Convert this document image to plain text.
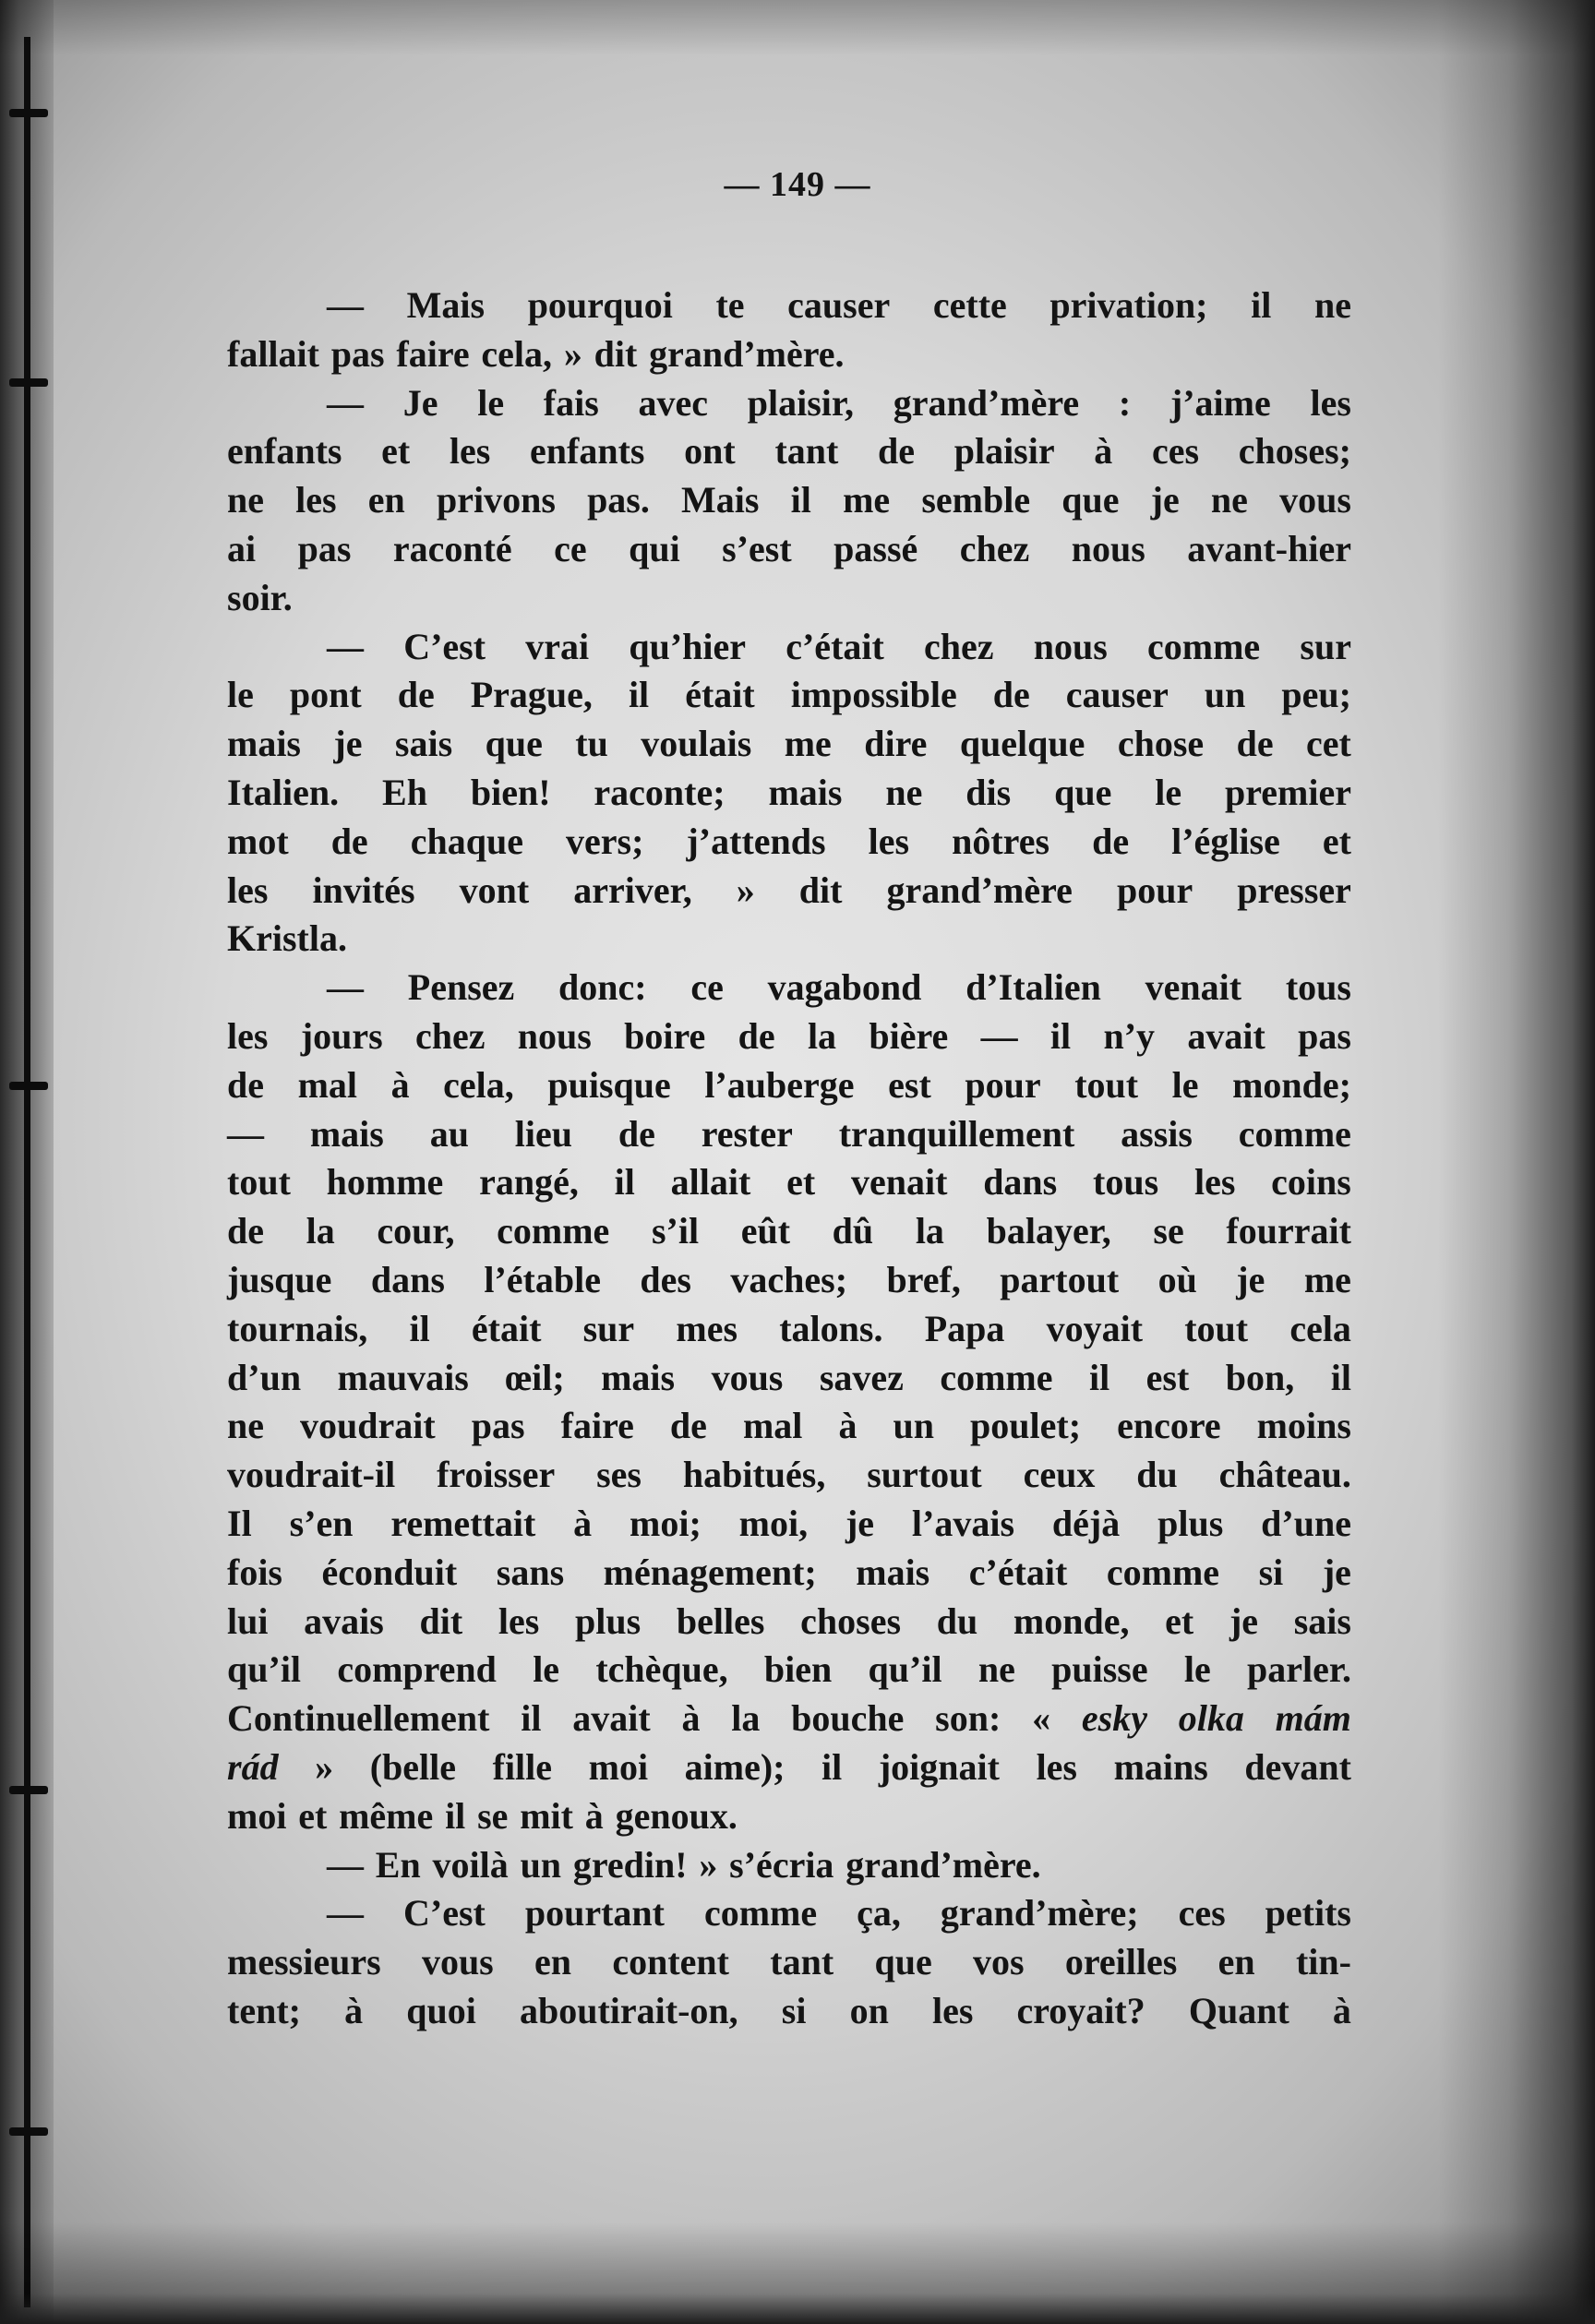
— 149 —
— Mais pourquoi te causer cette privation; il ne
fallait pas faire cela, » dit grand’mère.
— Je le fais avec plaisir, grand’mère : j’aime les
enfants et les enfants ont tant de plaisir à ces choses;
ne les en privons pas. Mais il me semble que je ne vous
ai pas raconté ce qui s’est passé chez nous avant-hier
soir.
— C’est vrai qu’hier c’était chez nous comme sur
le pont de Prague, il était impossible de causer un peu;
mais je sais que tu voulais me dire quelque chose de cet
Italien. Eh bien! raconte; mais ne dis que le premier
mot de chaque vers; j’attends les nôtres de l’église et
les invités vont arriver, » dit grand’mère pour presser
Kristla.
— Pensez donc: ce vagabond d’Italien venait tous
les jours chez nous boire de la bière — il n’y avait pas
de mal à cela, puisque l’auberge est pour tout le monde;
— mais au lieu de rester tranquillement assis comme
tout homme rangé, il allait et venait dans tous les coins
de la cour, comme s’il eût dû la balayer, se fourrait
jusque dans l’étable des vaches; bref, partout où je me
tournais, il était sur mes talons. Papa voyait tout cela
d’un mauvais œil; mais vous savez comme il est bon, il
ne voudrait pas faire de mal à un poulet; encore moins
voudrait-il froisser ses habitués, surtout ceux du château.
Il s’en remettait à moi; moi, je l’avais déjà plus d’une
fois éconduit sans ménagement; mais c’était comme si je
lui avais dit les plus belles choses du monde, et je sais
qu’il comprend le tchèque, bien qu’il ne puisse le parler.
Continuellement il avait à la bouche son: « esky olka mám
rád » (belle fille moi aime); il joignait les mains devant
moi et même il se mit à genoux.
— En voilà un gredin! » s’écria grand’mère.
— C’est pourtant comme ça, grand’mère; ces petits
messieurs vous en content tant que vos oreilles en tin-
tent; à quoi aboutirait-on, si on les croyait? Quant à
